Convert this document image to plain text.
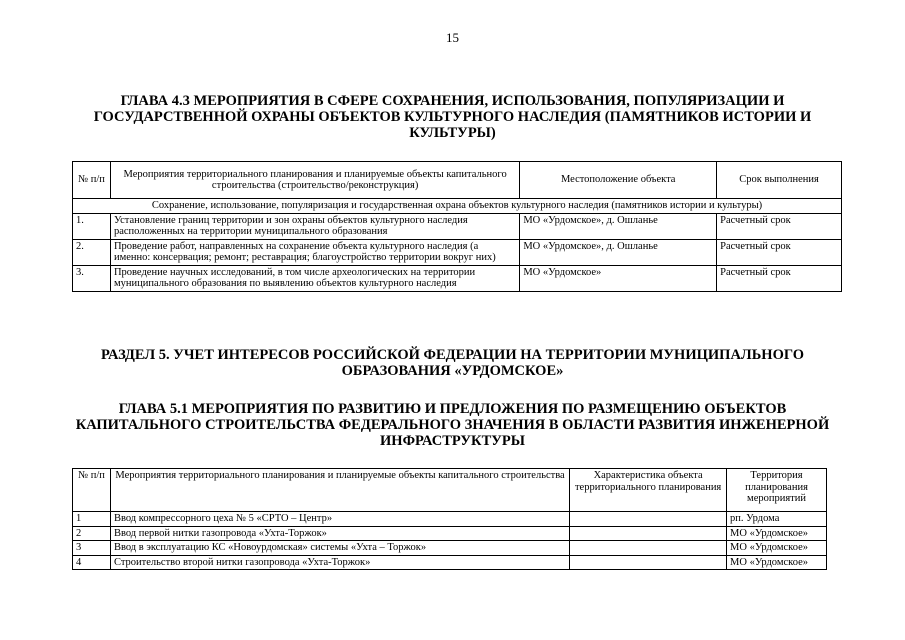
15
ГЛАВА 4.3 МЕРОПРИЯТИЯ В СФЕРЕ СОХРАНЕНИЯ, ИСПОЛЬЗОВАНИЯ, ПОПУЛЯРИЗАЦИИ И ГОСУДАРСТВЕННОЙ ОХРАНЫ ОБЪЕКТОВ КУЛЬТУРНОГО НАСЛЕДИЯ (ПАМЯТНИКОВ ИСТОРИИ И КУЛЬТУРЫ)
№ п/п	Мероприятия территориального планирования и планируемые объекты капитального строительства (строительство/реконструкция)	Местоположение объекта	Срок выполнения
Сохранение, использование, популяризация и государственная охрана объектов культурного наследия (памятников истории и культуры)			
1.	Установление границ территории и зон охраны объектов культурного наследия расположенных на территории муниципального образования	МО «Урдомское», д. Ошланье	Расчетный срок
2.	Проведение работ, направленных на сохранение объекта культурного наследия (а именно: консервация; ремонт; реставрация; благоустройство территории вокруг них)	МО «Урдомское», д. Ошланье	Расчетный срок
3.	Проведение научных исследований, в том числе археологических на территории муниципального образования по выявлению объектов культурного наследия	МО «Урдомское»	Расчетный срок
РАЗДЕЛ 5. УЧЕТ ИНТЕРЕСОВ РОССИЙСКОЙ ФЕДЕРАЦИИ НА ТЕРРИТОРИИ МУНИЦИПАЛЬНОГО ОБРАЗОВАНИЯ «УРДОМСКОЕ»
ГЛАВА 5.1 МЕРОПРИЯТИЯ ПО РАЗВИТИЮ И ПРЕДЛОЖЕНИЯ ПО РАЗМЕЩЕНИЮ ОБЪЕКТОВ КАПИТАЛЬНОГО СТРОИТЕЛЬСТВА ФЕДЕРАЛЬНОГО ЗНАЧЕНИЯ В ОБЛАСТИ РАЗВИТИЯ ИНЖЕНЕРНОЙ ИНФРАСТРУКТУРЫ
№ п/п	Мероприятия территориального планирования и планируемые объекты капитального строительства	Характеристика объекта территориального планирования	Территория планирования мероприятий
1	Ввод компрессорного цеха № 5 «СРТО – Центр»		рп. Урдома
2	Ввод первой нитки газопровода «Ухта-Торжок»		МО «Урдомское»
3	Ввод в эксплуатацию КС «Новоурдомская» системы «Ухта – Торжок»		МО «Урдомское»
4	Строительство второй нитки газопровода «Ухта-Торжок»		МО «Урдомское»
